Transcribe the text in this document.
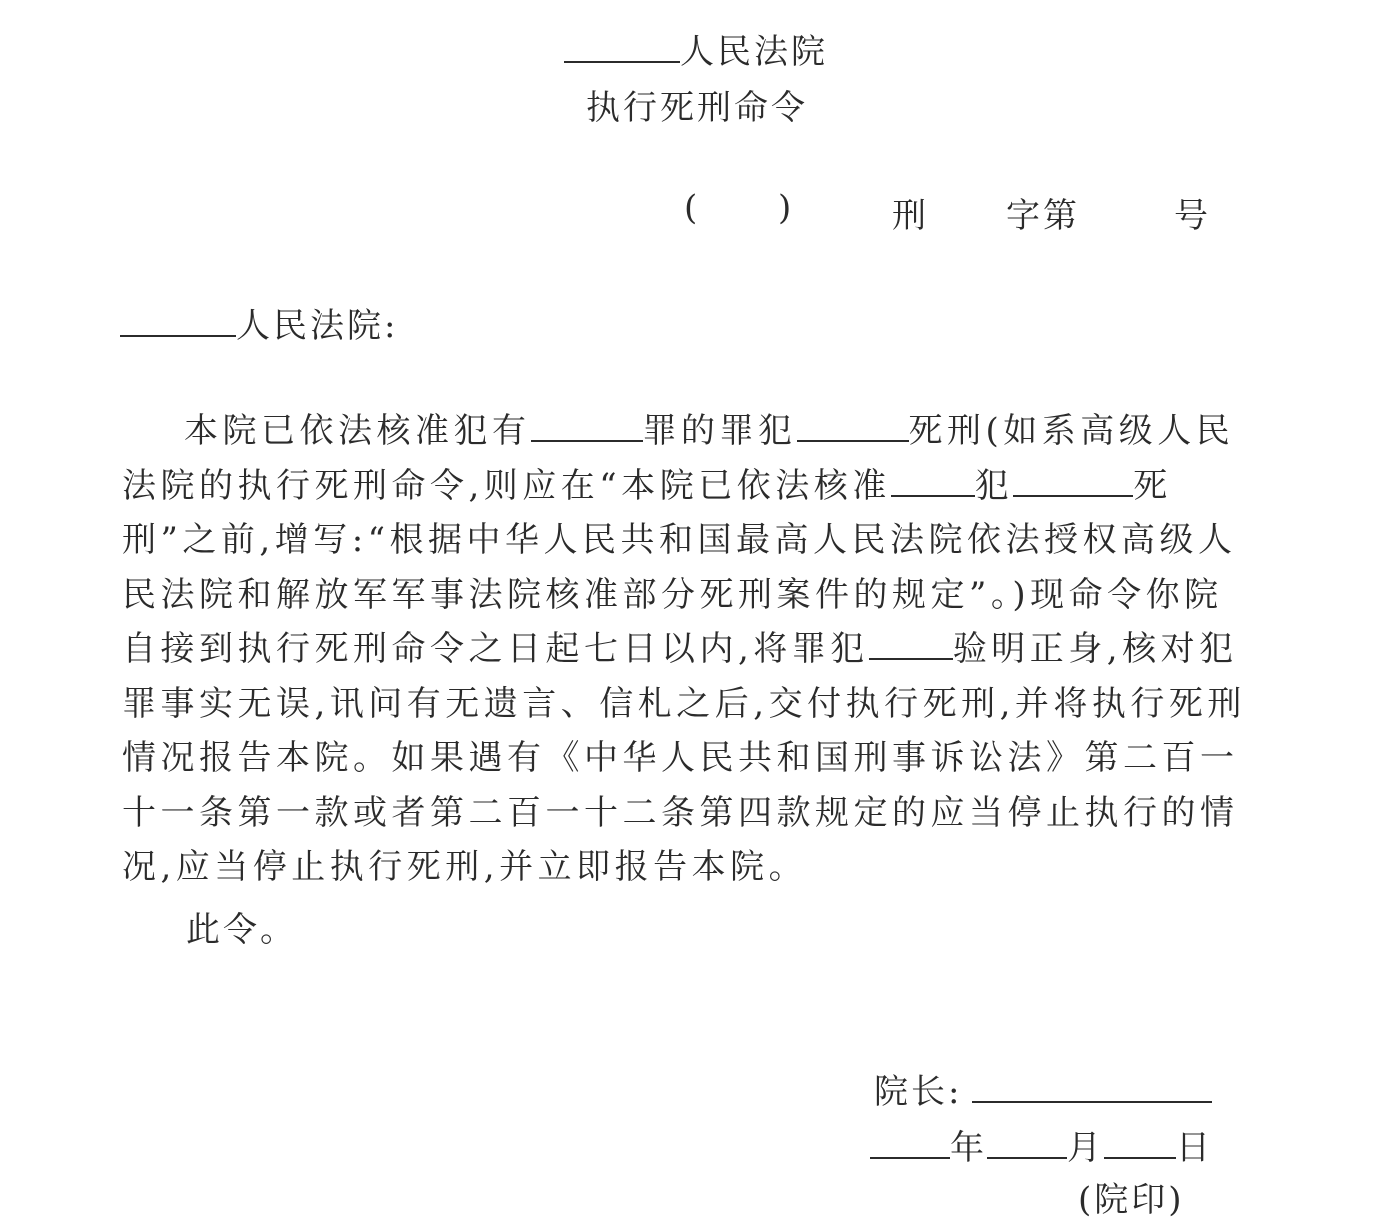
人民法院
执行死刑命令
( )	刑 字第	号
人民法院:
本院已依法核准犯有	罪的罪犯	死刑(如系高级人民法院的执行死刑命令,则应在“本院已依法核准 犯	死刑”之前,增写:“根据中华人民共和国最高人民法院依法授权高级人民法院和解放军军事法院核准部分死刑案件的规定”。)现命令你院自接到执行死刑命令之日起七日以内,将罪犯 验明正身,核对犯罪事实无误,讯问有无遗言、信札之后,交付执行死刑,并将执行死刑情况报告本院。如果遇有《中华人民共和国刑事诉讼法》第二百一十一条第一款或者第二百一十二条第四款规定的应当停止执行的情况,应当停止执行死刑,并立即报告本院。
此令。
院长:
年 月 日
(院印)
